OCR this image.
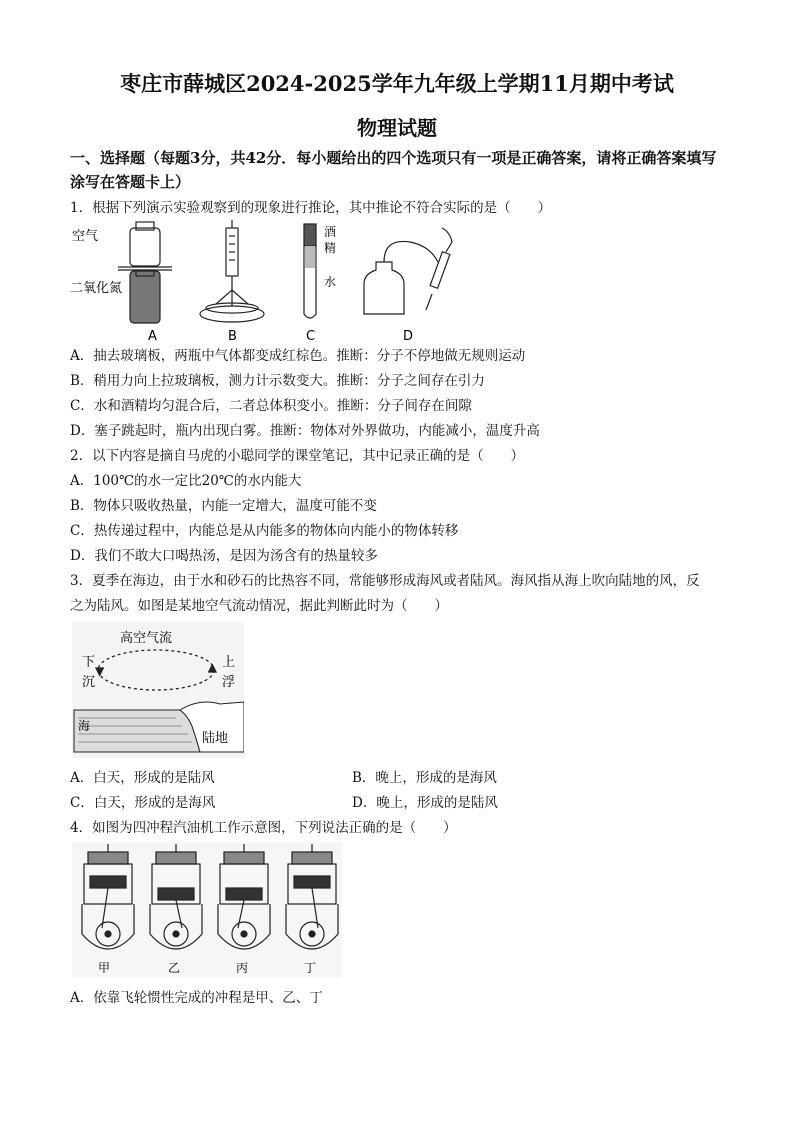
枣庄市薛城区2024-2025学年九年级上学期11月期中考试
物理试题
一、选择题（每题3分，共42分．每小题给出的四个选项只有一项是正确答案，请将正确答案填写涂写在答题卡上）
1．根据下列演示实验观察到的现象进行推论，其中推论不符合实际的是（　　）
空气
二氧化氮
A	B
酒
精
水
C	D
A．抽去玻璃板，两瓶中气体都变成红棕色。推断：分子不停地做无规则运动
B．稍用力向上拉玻璃板，测力计示数变大。推断：分子之间存在引力
C．水和酒精均匀混合后，二者总体积变小。推断：分子间存在间隙
D．塞子跳起时，瓶内出现白雾。推断：物体对外界做功，内能减小，温度升高
2．以下内容是摘自马虎的小聪同学的课堂笔记，其中记录正确的是（　　）
A．100℃的水一定比20℃的水内能大
B．物体只吸收热量，内能一定增大，温度可能不变
C．热传递过程中，内能总是从内能多的物体向内能小的物体转移
D．我们不敢大口喝热汤，是因为汤含有的热量较多
3．夏季在海边，由于水和砂石的比热容不同，常能够形成海风或者陆风。海风指从海上吹向陆地的风，反
之为陆风。如图是某地空气流动情况，据此判断此时为（　　）
高空气流
下
沉
上
浮
海
陆地
A．白天，形成的是陆风	B．晚上，形成的是海风
C．白天，形成的是海风	D．晚上，形成的是陆风
4．如图为四冲程汽油机工作示意图，下列说法正确的是（　　）
甲	乙	丙	丁
A．依靠飞轮惯性完成的冲程是甲、乙、丁
